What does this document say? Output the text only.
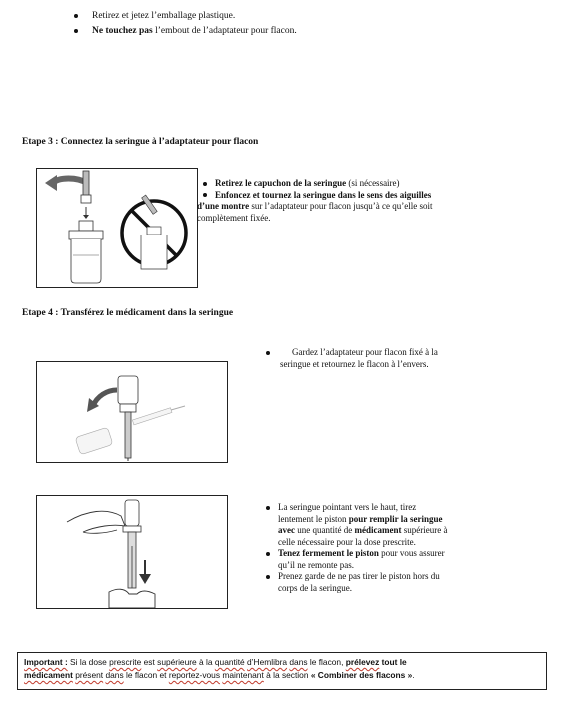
Retirez et jetez l’emballage plastique.
Ne touchez pas l’embout de l’adaptateur pour flacon.
Etape 3 : Connectez la seringue à l’adaptateur pour flacon
Retirez le capuchon de la seringue (si nécessaire)
Enfoncez et tournez la seringue dans le sens des aiguilles
d’une montre sur l’adaptateur pour flacon jusqu’à ce qu’elle soit
complètement fixée.
Etape 4 : Transférez le médicament dans la seringue
Gardez l’adaptateur pour flacon fixé à la
seringue et retournez le flacon à l’envers.
La seringue pointant vers le haut, tirez
lentement le piston pour remplir la seringue
avec une quantité de médicament supérieure à
celle nécessaire pour la dose prescrite.
Tenez fermement le piston pour vous assurer
qu’il ne remonte pas.
Prenez garde de ne pas tirer le piston hors du
corps de la seringue.
Important : Si la dose prescrite est supérieure à la quantité d’Hemlibra dans le flacon, prélevez tout le
médicament présent dans le flacon et reportez-vous maintenant à la section « Combiner des flacons ».
